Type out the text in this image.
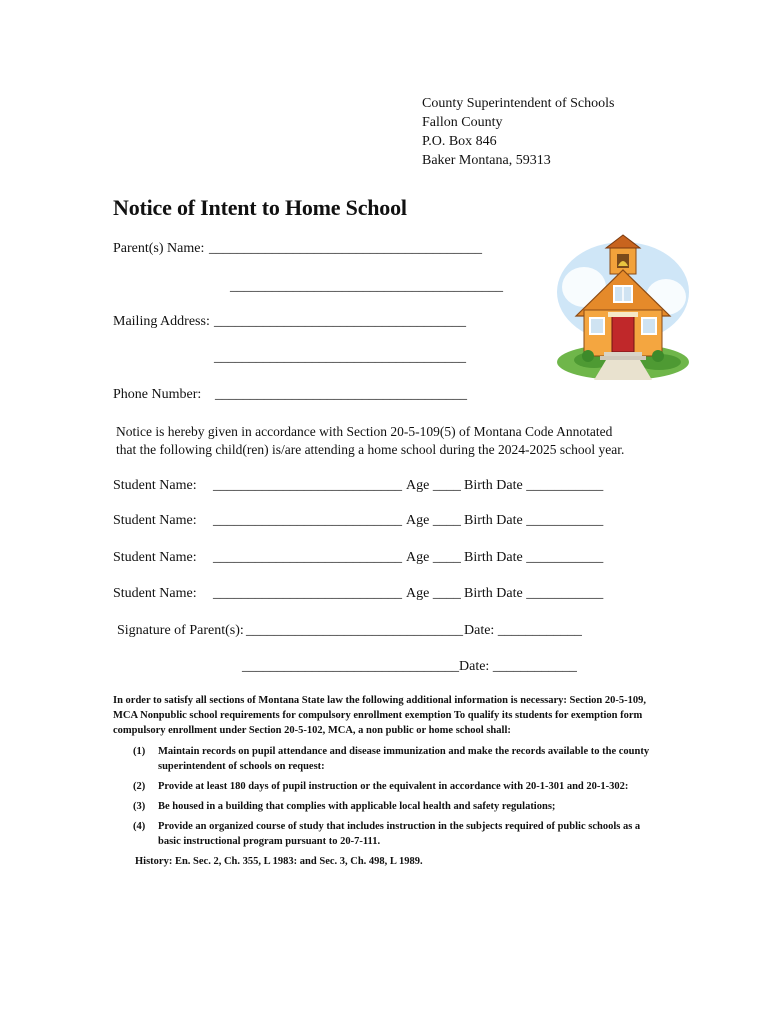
County Superintendent of Schools
Fallon County
P.O. Box 846
Baker Montana, 59313
Notice of Intent to Home School
Parent(s) Name: _______________________________________
_______________________________________
Mailing Address: ____________________________________
____________________________________
Phone Number: ____________________________________
Notice is hereby given in accordance with Section 20-5-109(5) of Montana Code Annotated
that the following child(ren) is/are attending a home school during the 2024-2025 school year.
Student Name: ___________________________ Age ____ Birth Date ___________
Student Name: ___________________________ Age ____ Birth Date ___________
Student Name: ___________________________ Age ____ Birth Date ___________
Student Name: ___________________________ Age ____ Birth Date ___________
Signature of Parent(s): _______________________________ Date: ____________
_______________________________ Date: ____________

In order to satisfy all sections of Montana State law the following additional information is necessary: Section 20-5-109, MCA Nonpublic school requirements for compulsory enrollment exemption To qualify its students for exemption form compulsory enrollment under Section 20-5-102, MCA, a non public or home school shall:

(1) Maintain records on pupil attendance and disease immunization and make the records available to the county superintendent of schools on request:
(2) Provide at least 180 days of pupil instruction or the equivalent in accordance with 20-1-301 and 20-1-302:
(3) Be housed in a building that complies with applicable local health and safety regulations;
(4) Provide an organized course of study that includes instruction in the subjects required of public schools as a basic instructional program pursuant to 20-7-111.
History: En. Sec. 2, Ch. 355, L 1983: and Sec. 3, Ch. 498, L 1989.
